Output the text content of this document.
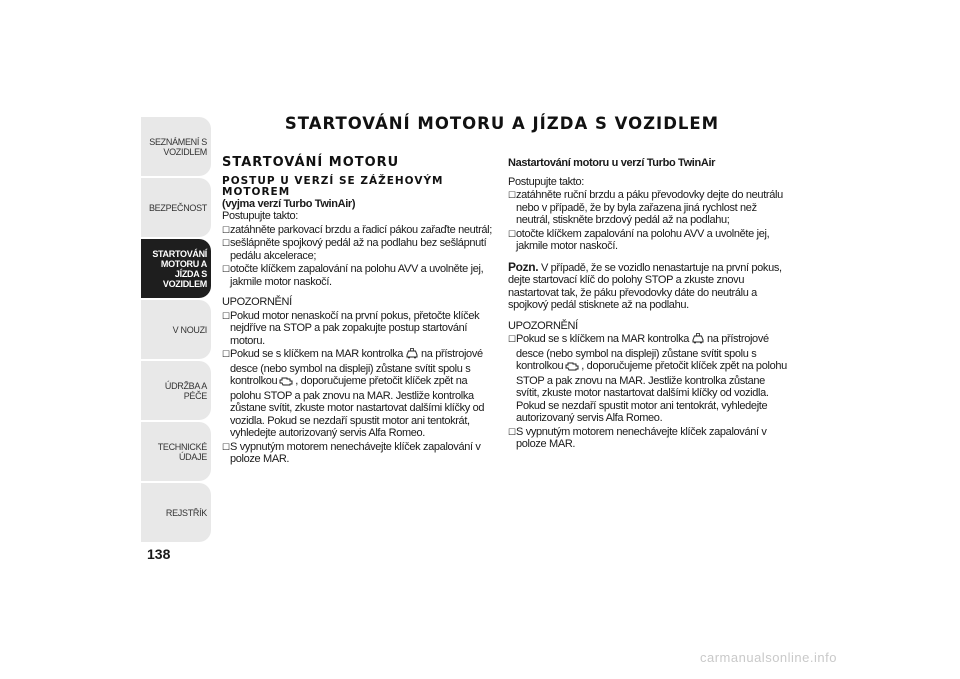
SEZNÁMENÍ S VOZIDLEM
BEZPEČNOST
STARTOVÁNÍ MOTORU A JÍZDA S VOZIDLEM
V NOUZI
ÚDRŽBA A PÉČE
TECHNICKÉ ÚDAJE
REJSTŘÍK
138
STARTOVÁNÍ MOTORU A JÍZDA S VOZIDLEM
STARTOVÁNÍ MOTORU
POSTUP U VERZÍ SE ZÁŽEHOVÝM MOTOREM

(vyjma verzí Turbo TwinAir)

Postupujte takto:

☐ zatáhněte parkovací brzdu a řadicí pákou zařaďte neutrál;
☐ sešlápněte spojkový pedál až na podlahu bez sešlápnutí pedálu akcelerace;
☐ otočte klíčkem zapalování na polohu AVV a uvolněte jej, jakmile motor naskočí.

UPOZORNĚNÍ

☐ Pokud motor nenaskočí na první pokus, přetočte klíček nejdříve na STOP a pak zopakujte postup startování motoru.
☐ Pokud se s klíčkem na MAR kontrolka na přístrojové desce (nebo symbol na displeji) zůstane svítit spolu s kontrolkou , doporučujeme přetočit klíček zpět na polohu STOP a pak znovu na MAR. Jestliže kontrolka zůstane svítit, zkuste motor nastartovat dalšími klíčky od vozidla. Pokud se nezdaří spustit motor ani tentokrát, vyhledejte autorizovaný servis Alfa Romeo.
☐ S vypnutým motorem nenechávejte klíček zapalování v poloze MAR.

Nastartování motoru u verzí Turbo TwinAir

Postupujte takto:

☐ zatáhněte ruční brzdu a páku převodovky dejte do neutrálu nebo v případě, že by byla zařazena jiná rychlost než neutrál, stiskněte brzdový pedál až na podlahu;
☐ otočte klíčkem zapalování na polohu AVV a uvolněte jej, jakmile motor naskočí.

Pozn. V případě, že se vozidlo nenastartuje na první pokus, dejte startovací klíč do polohy STOP a zkuste znovu nastartovat tak, že páku převodovky dáte do neutrálu a spojkový pedál stisknete až na podlahu.

UPOZORNĚNÍ

☐ Pokud se s klíčkem na MAR kontrolka na přístrojové desce (nebo symbol na displeji) zůstane svítit spolu s kontrolkou , doporučujeme přetočit klíček zpět na polohu STOP a pak znovu na MAR. Jestliže kontrolka zůstane svítit, zkuste motor nastartovat dalšími klíčky od vozidla. Pokud se nezdaří spustit motor ani tentokrát, vyhledejte autorizovaný servis Alfa Romeo.
☐ S vypnutým motorem nenechávejte klíček zapalování v poloze MAR.
carmanualsonline.info
